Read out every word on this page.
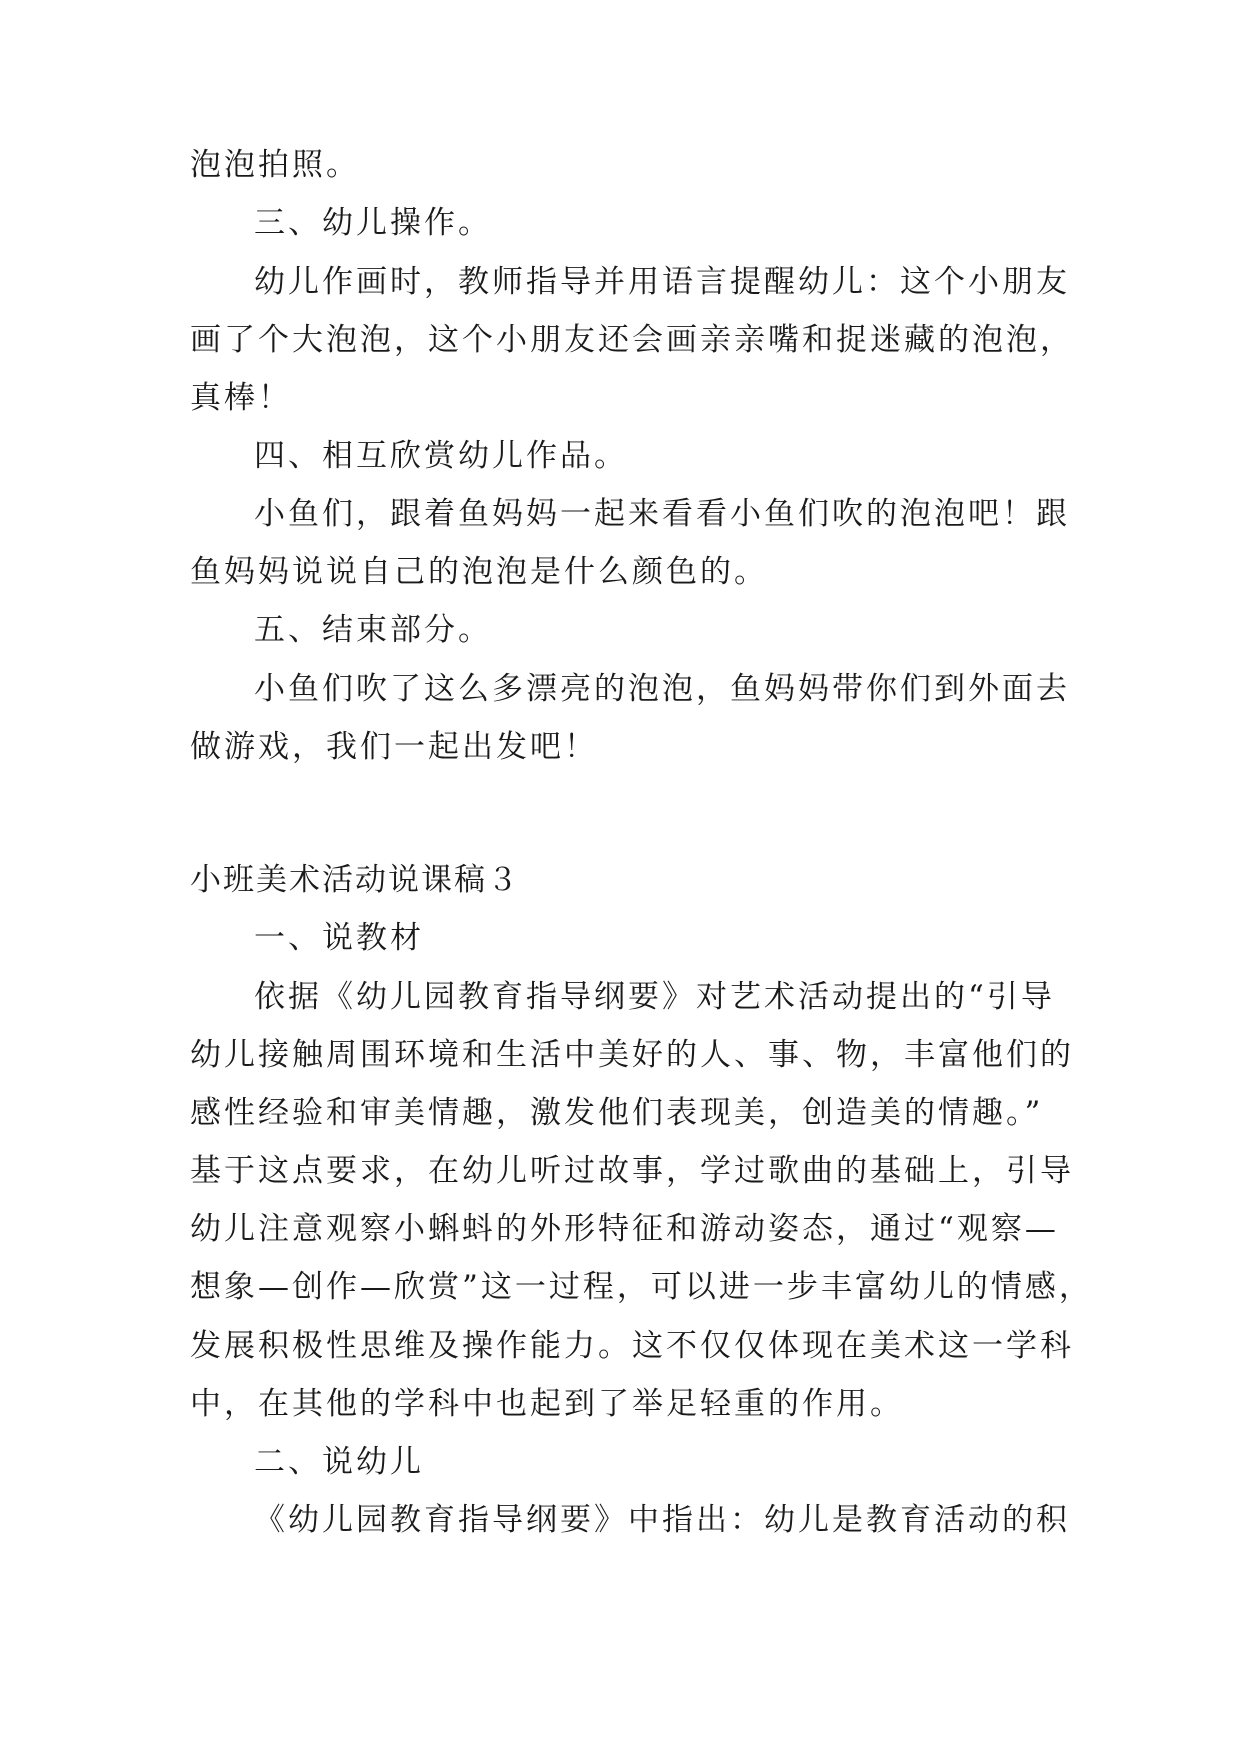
泡泡拍照。
三、幼儿操作。
幼儿作画时，教师指导并用语言提醒幼儿：这个小朋友
画了个大泡泡，这个小朋友还会画亲亲嘴和捉迷藏的泡泡，
真棒！
四、相互欣赏幼儿作品。
小鱼们，跟着鱼妈妈一起来看看小鱼们吹的泡泡吧！跟
鱼妈妈说说自己的泡泡是什么颜色的。
五、结束部分。
小鱼们吹了这么多漂亮的泡泡，鱼妈妈带你们到外面去
做游戏，我们一起出发吧！
小班美术活动说课稿３
一、说教材
依据《幼儿园教育指导纲要》对艺术活动提出的“引导
幼儿接触周围环境和生活中美好的人、事、物，丰富他们的
感性经验和审美情趣，激发他们表现美，创造美的情趣。”
基于这点要求，在幼儿听过故事，学过歌曲的基础上，引导
幼儿注意观察小蝌蚪的外形特征和游动姿态，通过“观察—
想象—创作—欣赏”这一过程，可以进一步丰富幼儿的情感，
发展积极性思维及操作能力。这不仅仅体现在美术这一学科
中，在其他的学科中也起到了举足轻重的作用。
二、说幼儿
《幼儿园教育指导纲要》中指出：幼儿是教育活动的积
